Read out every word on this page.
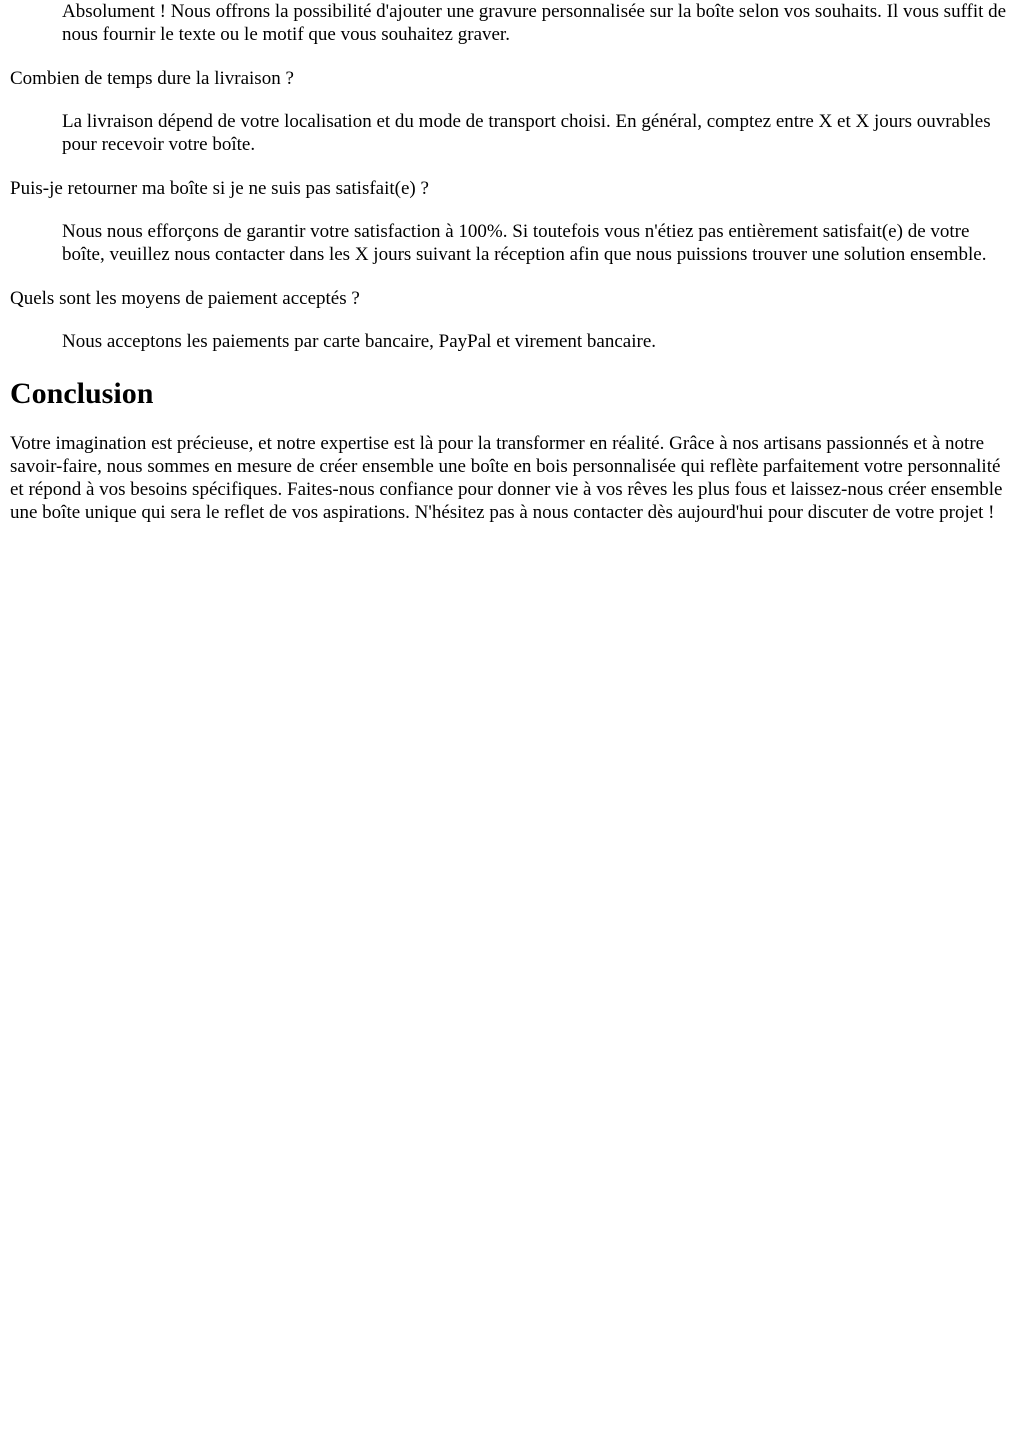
Absolument ! Nous offrons la possibilité d'ajouter une gravure personnalisée sur la boîte selon vos souhaits. Il vous suffit de nous fournir le texte ou le motif que vous souhaitez graver.
Combien de temps dure la livraison ?
La livraison dépend de votre localisation et du mode de transport choisi. En général, comptez entre X et X jours ouvrables pour recevoir votre boîte.
Puis-je retourner ma boîte si je ne suis pas satisfait(e) ?
Nous nous efforçons de garantir votre satisfaction à 100%. Si toutefois vous n'étiez pas entièrement satisfait(e) de votre boîte, veuillez nous contacter dans les X jours suivant la réception afin que nous puissions trouver une solution ensemble.
Quels sont les moyens de paiement acceptés ?
Nous acceptons les paiements par carte bancaire, PayPal et virement bancaire.
Conclusion

Votre imagination est précieuse, et notre expertise est là pour la transformer en réalité. Grâce à nos artisans passionnés et à notre savoir-faire, nous sommes en mesure de créer ensemble une boîte en bois personnalisée qui reflète parfaitement votre personnalité et répond à vos besoins spécifiques. Faites-nous confiance pour donner vie à vos rêves les plus fous et laissez-nous créer ensemble une boîte unique qui sera le reflet de vos aspirations. N'hésitez pas à nous contacter dès aujourd'hui pour discuter de votre projet !
